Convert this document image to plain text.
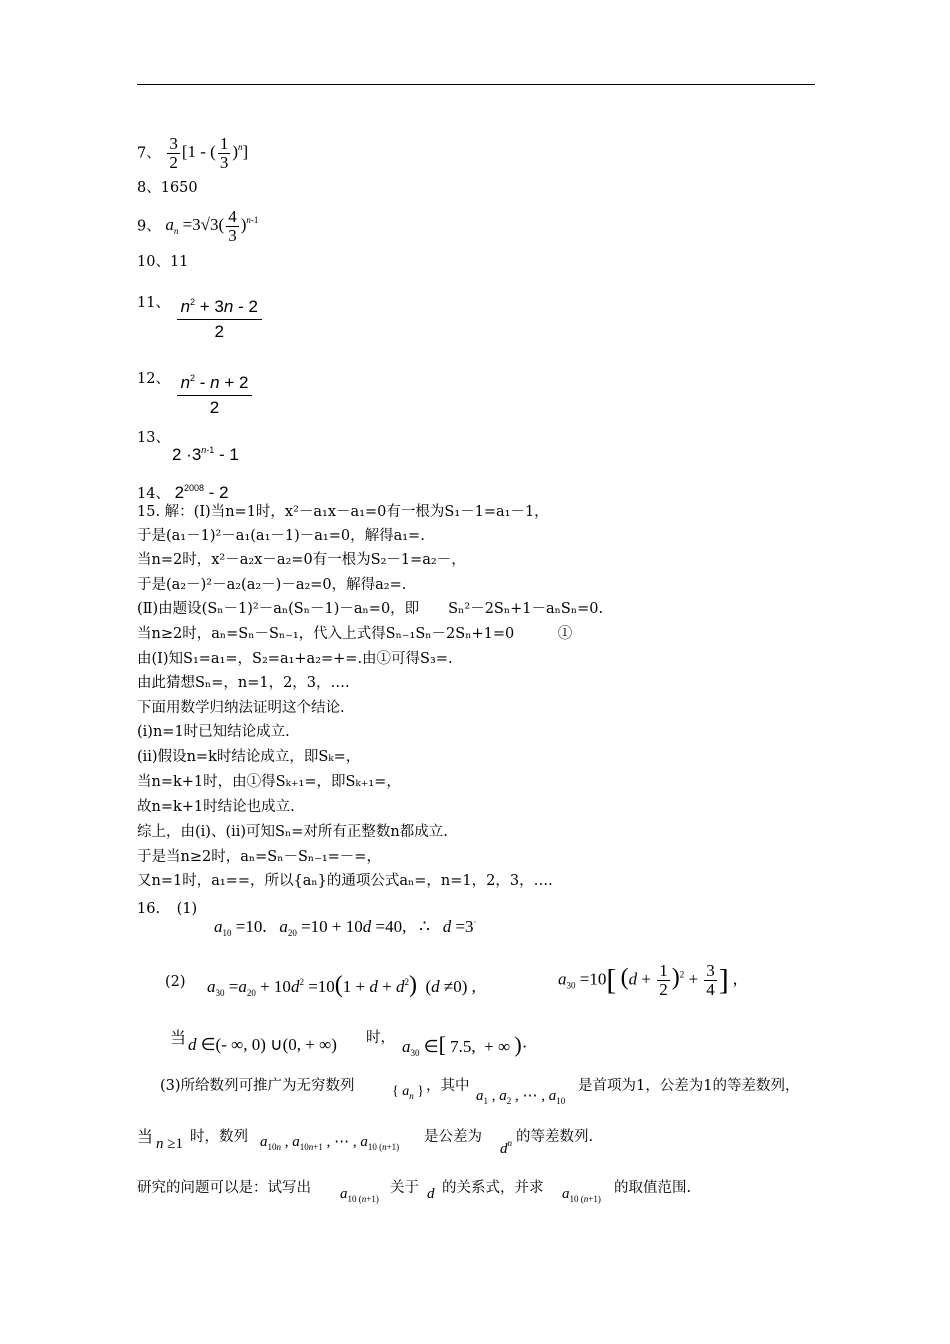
7、 $\frac{3}{2} [1$ - ( $\frac{1}{3} )^n$]
8、1650
9、 $a_n =3√3( \frac{4}{3} )^{n-1}$
10、11
11、 $\frac{n^2 + 3n - 2}{2}$
12、 $\frac{n^2 - n + 2}{2}$
13、
$2 \cdot 3^{n-1} - 1$
14、 $2^{2008} - 2$
15. 解：(Ⅰ)当n=1时，x²－a₁x－a₁=0有一根为S₁－1=a₁－1，
于是(a₁－1)²－a₁(a₁－1)－a₁=0，解得a₁=.
当n=2时，x²－a₂x－a₂=0有一根为S₂－1=a₂－，
于是(a₂－)²－a₂(a₂－)－a₂=0，解得a₂=.
(Ⅱ)由题设(Sₙ－1)²－aₙ(Sₙ－1)－aₙ=0，即　　Sₙ²－2Sₙ+1－aₙSₙ=0.
当n≥2时，aₙ=Sₙ－Sₙ₋₁，代入上式得Sₙ₋₁Sₙ－2Sₙ+1=0　　　①
由(Ⅰ)知S₁=a₁=，S₂=a₁+a₂=+=.由①可得S₃=.
由此猜想Sₙ=，n=1，2，3，….
下面用数学归纳法证明这个结论.
(i)n=1时已知结论成立.
(ii)假设n=k时结论成立，即Sₖ=，
当n=k+1时，由①得Sₖ₊₁=，即Sₖ₊₁=，
故n=k+1时结论也成立.
综上，由(i)、(ii)可知Sₙ=对所有正整数n都成立.
于是当n≥2时，aₙ=Sₙ－Sₙ₋₁=－=，
又n=1时，a₁==，所以{aₙ}的通项公式aₙ=，n=1，2，3，….
16. (1)
$a_{10} =10$.   $a_{20} =10 + 10d =40$,   ∴   d =3·
(2) $a_{30} =a_{20} + 10d^2 =10(1 + d + d^2)$  (d ≠0) ,	$a_{30} =10$[ $(d + \frac{1}{2} )^2 + \frac{3}{4}$ ] ,
当 d ∈(- ∞, 0) ∪(0, + ∞) 时， $a_{30}$ ∈[ 7.5,  + ∞ )·
(3)所给数列可推广为无穷数列	{ $a_n$ } ，其中
$a_1$ , $a_2$ , ⋯ , $a_{10}$
是首项为1，公差为1的等差数列，
当 n ≥1 时，数列 $a_{10n}$ , $a_{10n+1}$ , ⋯ , $a_{10 (n+1)}$
是公差为
$d^n$ 的等差数列.
研究的问题可以是：试写出 $a_{10 (n+1)}$
关于 d 的关系式，并求 $a_{10 (n+1)}$
的取值范围.
